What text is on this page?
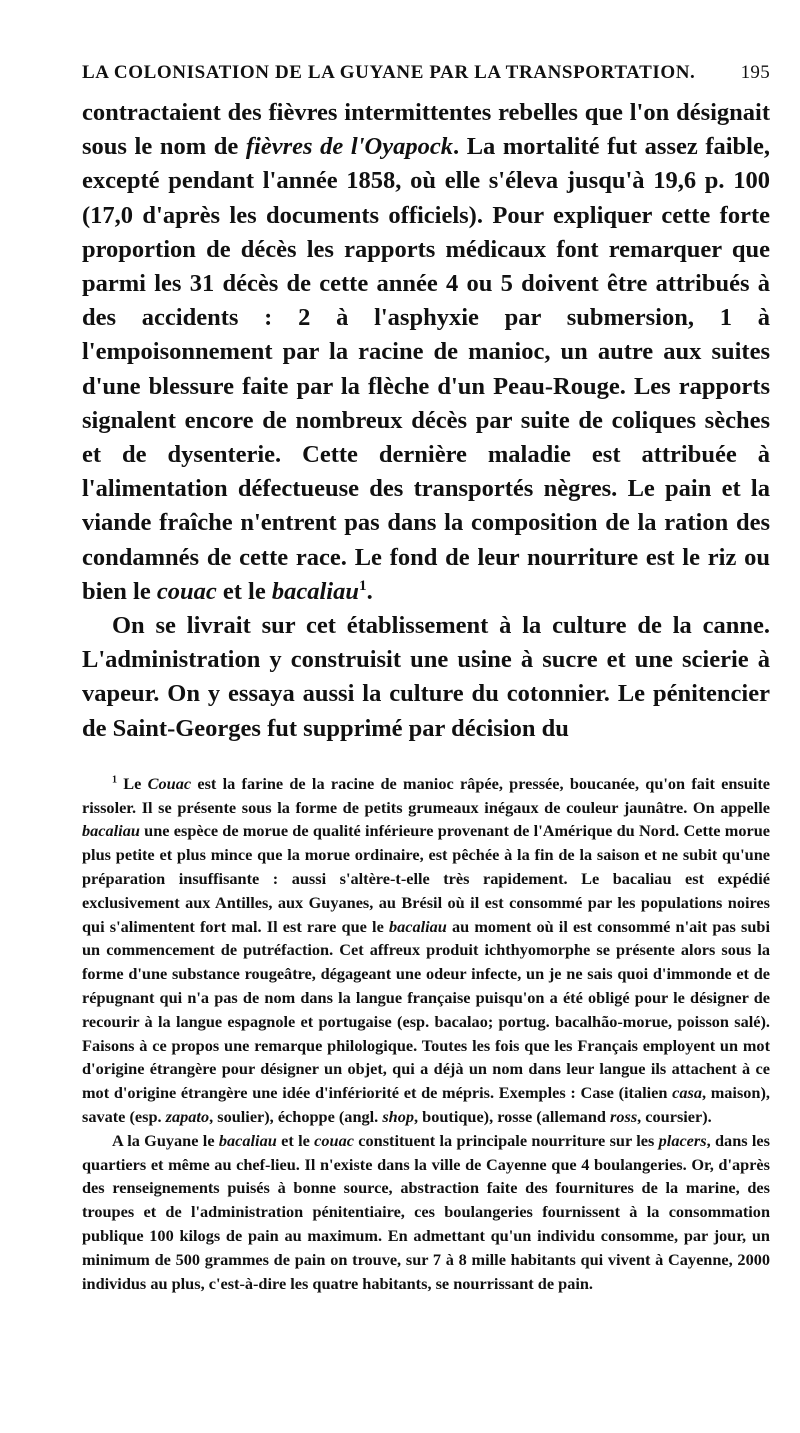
LA COLONISATION DE LA GUYANE PAR LA TRANSPORTATION. 195

contractaient des fièvres intermittentes rebelles que l'on désignait sous le nom de fièvres de l'Oyapock. La mortalité fut assez faible, excepté pendant l'année 1858, où elle s'éleva jusqu'à 19,6 p. 100 (17,0 d'après les documents officiels). Pour expliquer cette forte proportion de décès les rapports médicaux font remarquer que parmi les 31 décès de cette année 4 ou 5 doivent être attribués à des accidents : 2 à l'asphyxie par submersion, 1 à l'empoisonnement par la racine de manioc, un autre aux suites d'une blessure faite par la flèche d'un Peau-Rouge. Les rapports signalent encore de nombreux décès par suite de coliques sèches et de dysenterie. Cette dernière maladie est attribuée à l'alimentation défectueuse des transportés nègres. Le pain et la viande fraîche n'entrent pas dans la composition de la ration des condamnés de cette race. Le fond de leur nourriture est le riz ou bien le couac et le bacaliau$^1$.

On se livrait sur cet établissement à la culture de la canne. L'administration y construisit une usine à sucre et une scierie à vapeur. On y essaya aussi la culture du cotonnier. Le pénitencier de Saint-Georges fut supprimé par décision du

$^1$ Le Couac est la farine de la racine de manioc râpée, pressée, boucanée, qu'on fait ensuite rissoler. Il se présente sous la forme de petits grumeaux inégaux de couleur jaunâtre. On appelle bacaliau une espèce de morue de qualité inférieure provenant de l'Amérique du Nord. Cette morue plus petite et plus mince que la morue ordinaire, est pêchée à la fin de la saison et ne subit qu'une préparation insuffisante : aussi s'altère-t-elle très rapidement. Le bacaliau est expédié exclusivement aux Antilles, aux Guyanes, au Brésil où il est consommé par les populations noires qui s'alimentent fort mal. Il est rare que le bacaliau au moment où il est consommé n'ait pas subi un commencement de putréfaction. Cet affreux produit ichthyomorphe se présente alors sous la forme d'une substance rougeâtre, dégageant une odeur infecte, un je ne sais quoi d'immonde et de répugnant qui n'a pas de nom dans la langue française puisqu'on a été obligé pour le désigner de recourir à la langue espagnole et portugaise (esp. bacalao; portug. bacalhão-morue, poisson salé). Faisons à ce propos une remarque philologique. Toutes les fois que les Français employent un mot d'origine étrangère pour désigner un objet, qui a déjà un nom dans leur langue ils attachent à ce mot d'origine étrangère une idée d'infériorité et de mépris. Exemples : Case (italien casa, maison), savate (esp. zapato, soulier), échoppe (angl. shop, boutique), rosse (allemand ross, coursier).

A la Guyane le bacaliau et le couac constituent la principale nourriture sur les placers, dans les quartiers et même au chef-lieu. Il n'existe dans la ville de Cayenne que 4 boulangeries. Or, d'après des renseignements puisés à bonne source, abstraction faite des fournitures de la marine, des troupes et de l'administration pénitentiaire, ces boulangeries fournissent à la consommation publique 100 kilogs de pain au maximum. En admettant qu'un individu consomme, par jour, un minimum de 500 grammes de pain on trouve, sur 7 à 8 mille habitants qui vivent à Cayenne, 2000 individus au plus, c'est-à-dire les quatre habitants, se nourrissant de pain.
